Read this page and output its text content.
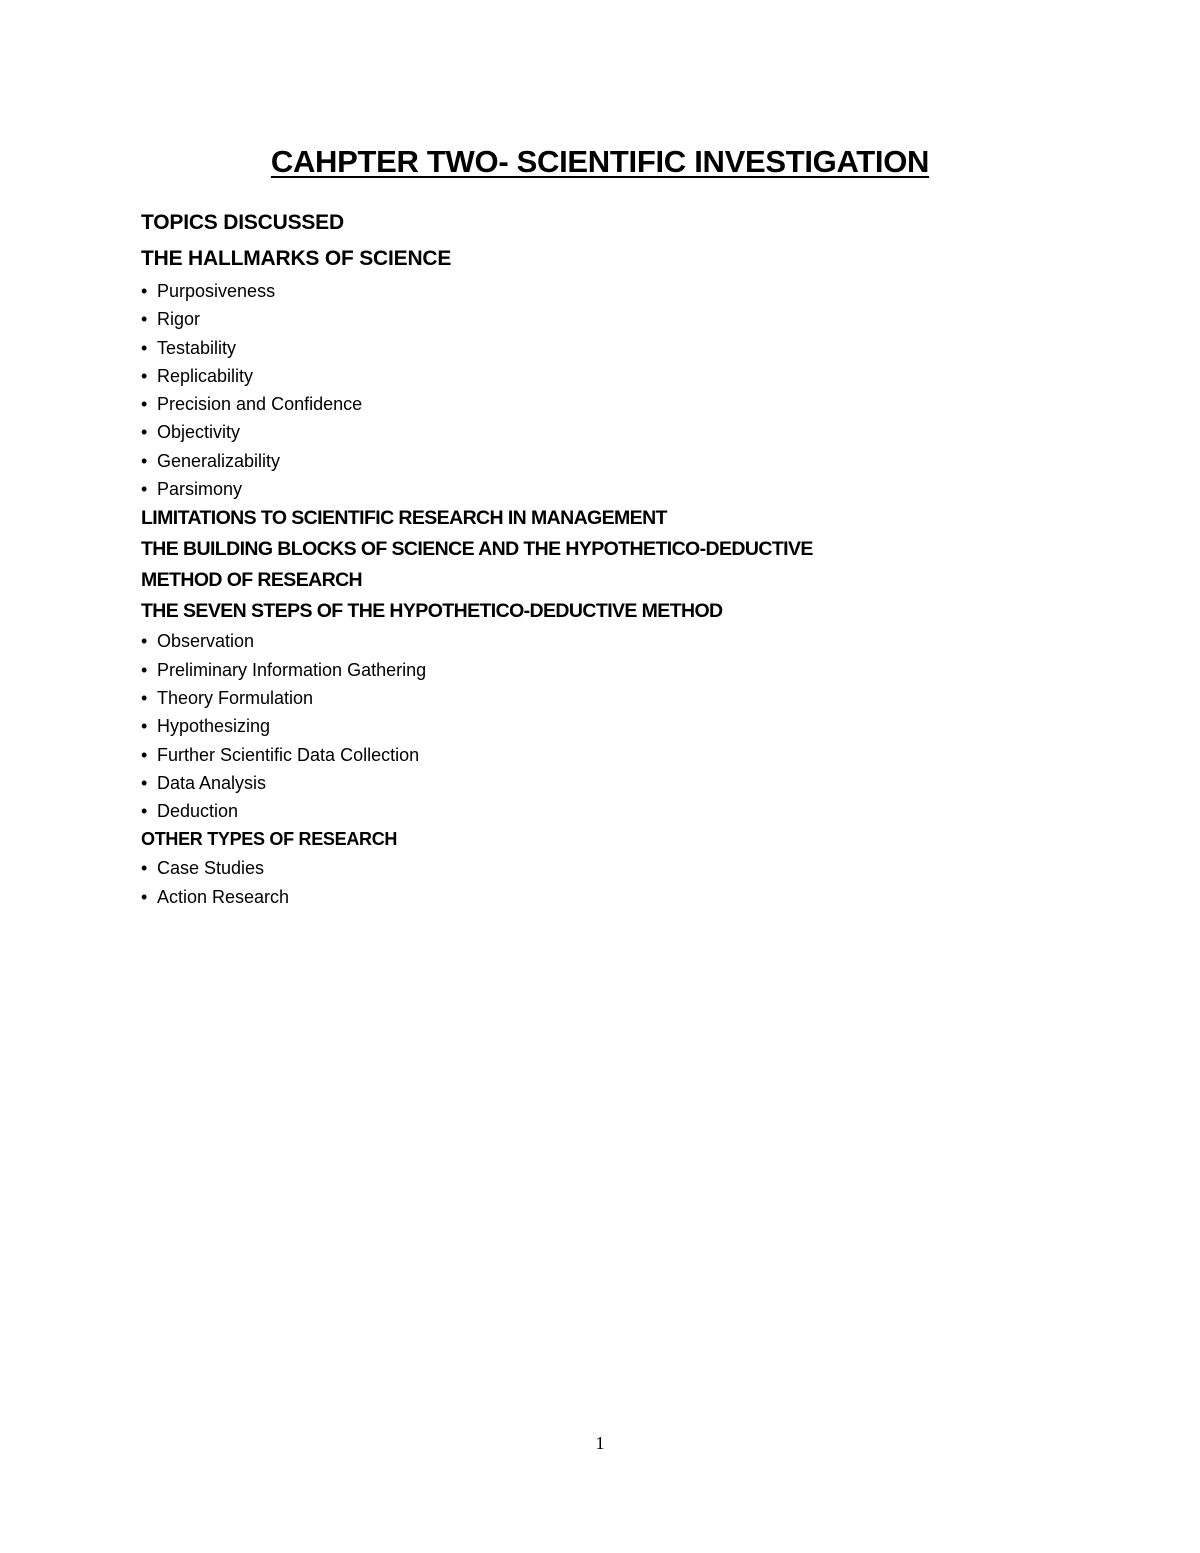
CAHPTER TWO- SCIENTIFIC INVESTIGATION
TOPICS DISCUSSED
THE HALLMARKS OF SCIENCE
• Purposiveness
• Rigor
• Testability
• Replicability
• Precision and Confidence
• Objectivity
• Generalizability
• Parsimony
LIMITATIONS TO SCIENTIFIC RESEARCH IN MANAGEMENT
THE BUILDING BLOCKS OF SCIENCE AND THE HYPOTHETICO-DEDUCTIVE
METHOD OF RESEARCH
THE SEVEN STEPS OF THE HYPOTHETICO-DEDUCTIVE METHOD
• Observation
• Preliminary Information Gathering
• Theory Formulation
• Hypothesizing
• Further Scientific Data Collection
• Data Analysis
• Deduction
OTHER TYPES OF RESEARCH
• Case Studies
• Action Research
1
